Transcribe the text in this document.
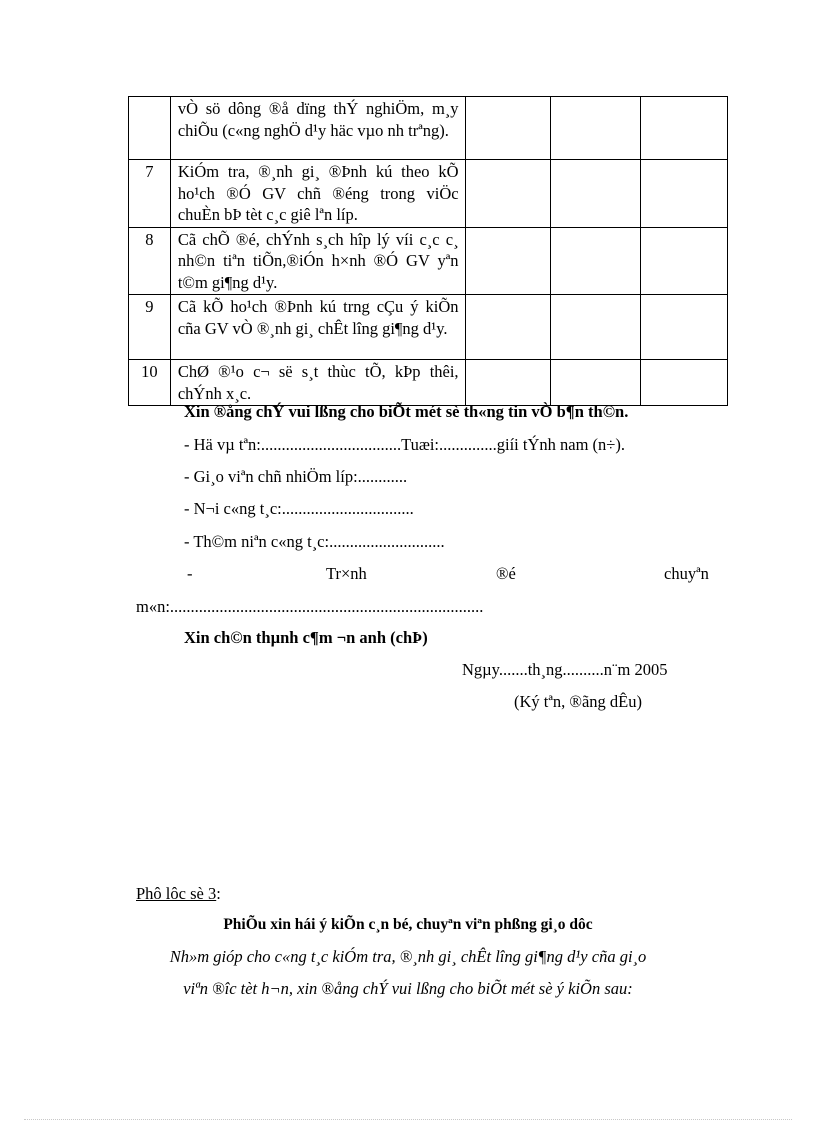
	vÒ sö dông ®å dïng thÝ nghiÖm, m¸y chiÕu (c«ng nghÖ d¹y häc vµo nh trªng).			
7	KiÓm tra, ®¸nh gi¸ ®Þnh kú theo kÕ ho¹ch ®Ó GV chñ ®éng trong viÖc chuÈn bÞ tèt c¸c giê lªn líp.			
8	Cã chÕ ®é, chÝnh s¸ch hîp lý víi c¸c c¸ nh©n tiªn tiÕn,®iÓn h×nh ®Ó GV yªn t©m gi¶ng d¹y.			
9	Cã kÕ ho¹ch ®Þnh kú trng cÇu ý kiÕn cña GV vÒ ®¸nh gi¸ chÊt lîng gi¶ng d¹y.			
10	ChØ ®¹o c¬ së s¸t thùc tÕ, kÞp thêi, chÝnh x¸c.			
Xin ®ång chÝ vui lßng cho biÕt mét sè th«ng tin vÒ b¶n th©n.
- Hä vµ tªn:..................................Tuæi:..............giíi tÝnh nam (n÷).
- Gi¸o viªn chñ nhiÖm líp:............
- N¬i c«ng t¸c:................................
- Th©m niªn c«ng t¸c:............................
-	Tr×nh	®é	chuyªn
m«n:............................................................................
Xin ch©n thµnh c¶m ¬n anh (chÞ)
Ngµy.......th¸ng..........n¨m 2005
(Ký tªn, ®ãng dÊu)
Phô lôc sè 3:
PhiÕu xin hái ý kiÕn c¸n bé, chuyªn viªn phßng gi¸o dôc
Nh»m gióp cho c«ng t¸c kiÓm tra, ®¸nh gi¸ chÊt lîng gi¶ng d¹y cña gi¸o
viªn ®îc tèt h¬n, xin ®ång chÝ vui lßng cho biÕt mét sè ý kiÕn sau:
